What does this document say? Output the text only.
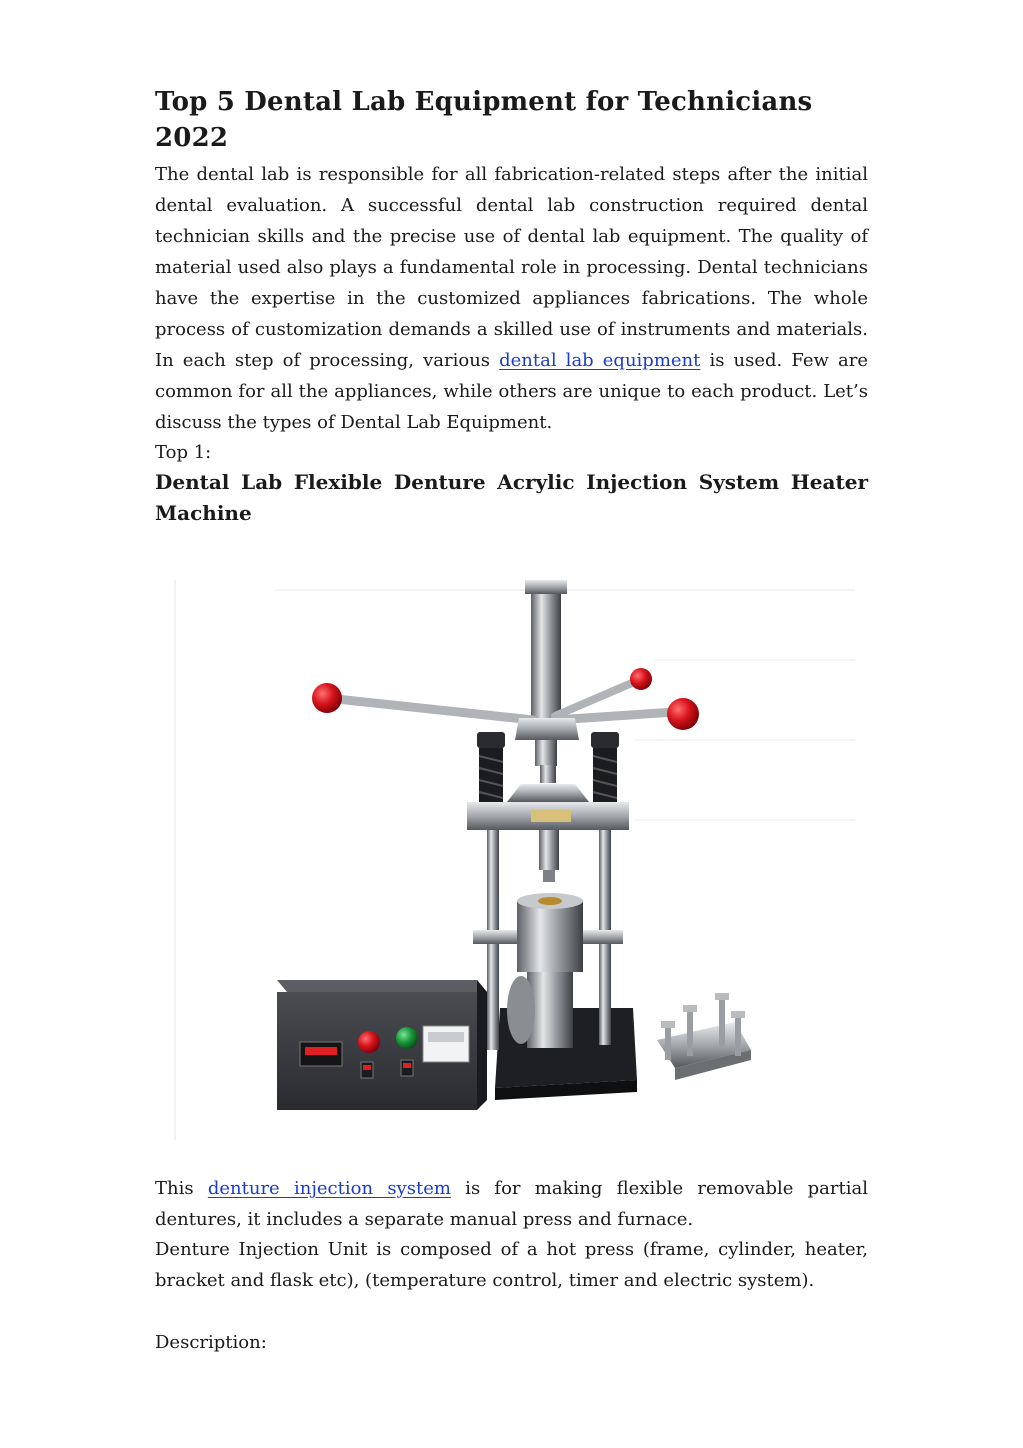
Top 5 Dental Lab Equipment for Technicians 2022

The dental lab is responsible for all fabrication-related steps after the initial dental evaluation. A successful dental lab construction required dental technician skills and the precise use of dental lab equipment. The quality of material used also plays a fundamental role in processing. Dental technicians have the expertise in the customized appliances fabrications. The whole process of customization demands a skilled use of instruments and materials. In each step of processing, various dental lab equipment is used. Few are common for all the appliances, while others are unique to each product. Let’s discuss the types of Dental Lab Equipment.

Top 1:

Dental Lab Flexible Denture Acrylic Injection System Heater Machine

This denture injection system is for making flexible removable partial dentures, it includes a separate manual press and furnace.

Denture Injection Unit is composed of a hot press (frame, cylinder, heater, bracket and flask etc), (temperature control, timer and electric system).

Description:
